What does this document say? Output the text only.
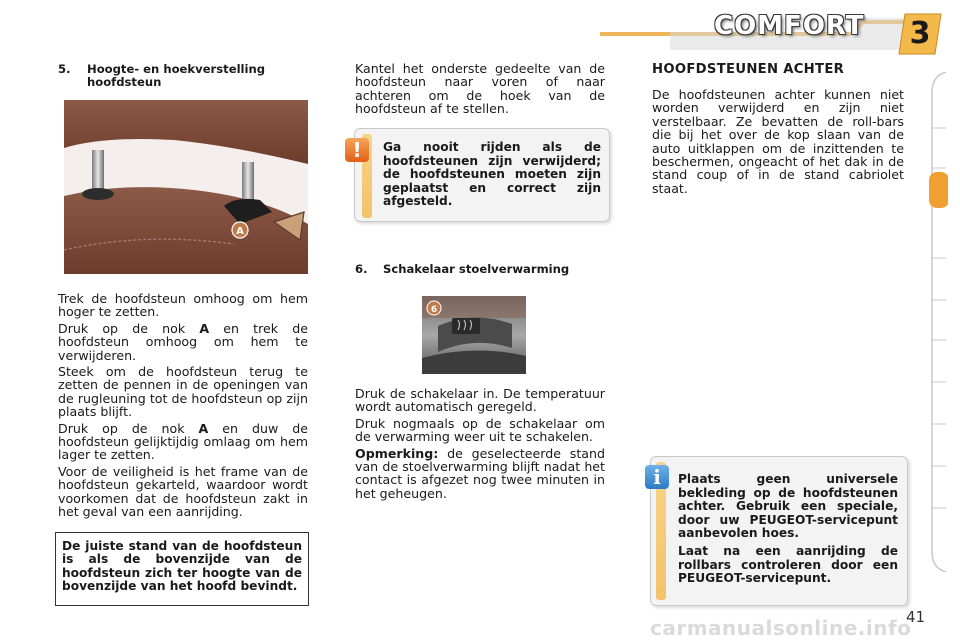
COMFORT 3
5. Hoogte- en hoekverstelling
hoofdsteun
A

Trek de hoofdsteun omhoog om hem hoger te zetten.

Druk op de nok A en trek de hoofdsteun omhoog om hem te verwijderen.

Steek om de hoofdsteun terug te zetten de pennen in de openingen van de rugleuning tot de hoofdsteun op zijn plaats blijft.

Druk op de nok A en duw de hoofdsteun gelijktijdig omlaag om hem lager te zetten.

Voor de veiligheid is het frame van de hoofdsteun gekarteld, waardoor wordt voorkomen dat de hoofdsteun zakt in het geval van een aanrijding.

De juiste stand van de hoofdsteun is als de bovenzijde van de hoofdsteun zich ter hoogte van de bovenzijde van het hoofd bevindt.

Kantel het onderste gedeelte van de hoofdsteun naar voren of naar achteren om de hoek van de hoofdsteun af te stellen.

!	Ga nooit rijden als de hoofdsteunen zijn verwijderd; de hoofdsteunen moeten zijn geplaatst en correct zijn afgesteld.
6. Schakelaar stoelverwarming
6

Druk de schakelaar in. De temperatuur wordt automatisch geregeld.

Druk nogmaals op de schakelaar om de verwarming weer uit te schakelen.

Opmerking: de geselecteerde stand van de stoelverwarming blijft nadat het contact is afgezet nog twee minuten in het geheugen.

HOOFDSTEUNEN ACHTER

De hoofdsteunen achter kunnen niet worden verwijderd en zijn niet verstelbaar. Ze bevatten de roll-bars die bij het over de kop slaan van de auto uitklappen om de inzittenden te beschermen, ongeacht of het dak in de stand coup of in de stand cabriolet staat.

i	Plaats geen universele bekleding op de hoofdsteunen achter. Gebruik een speciale, door uw PEUGEOT-servicepunt aanbevolen hoes.
Laat na een aanrijding de rollbars controleren door een PEUGEOT-servicepunt.
41
carmanualsonline.info
